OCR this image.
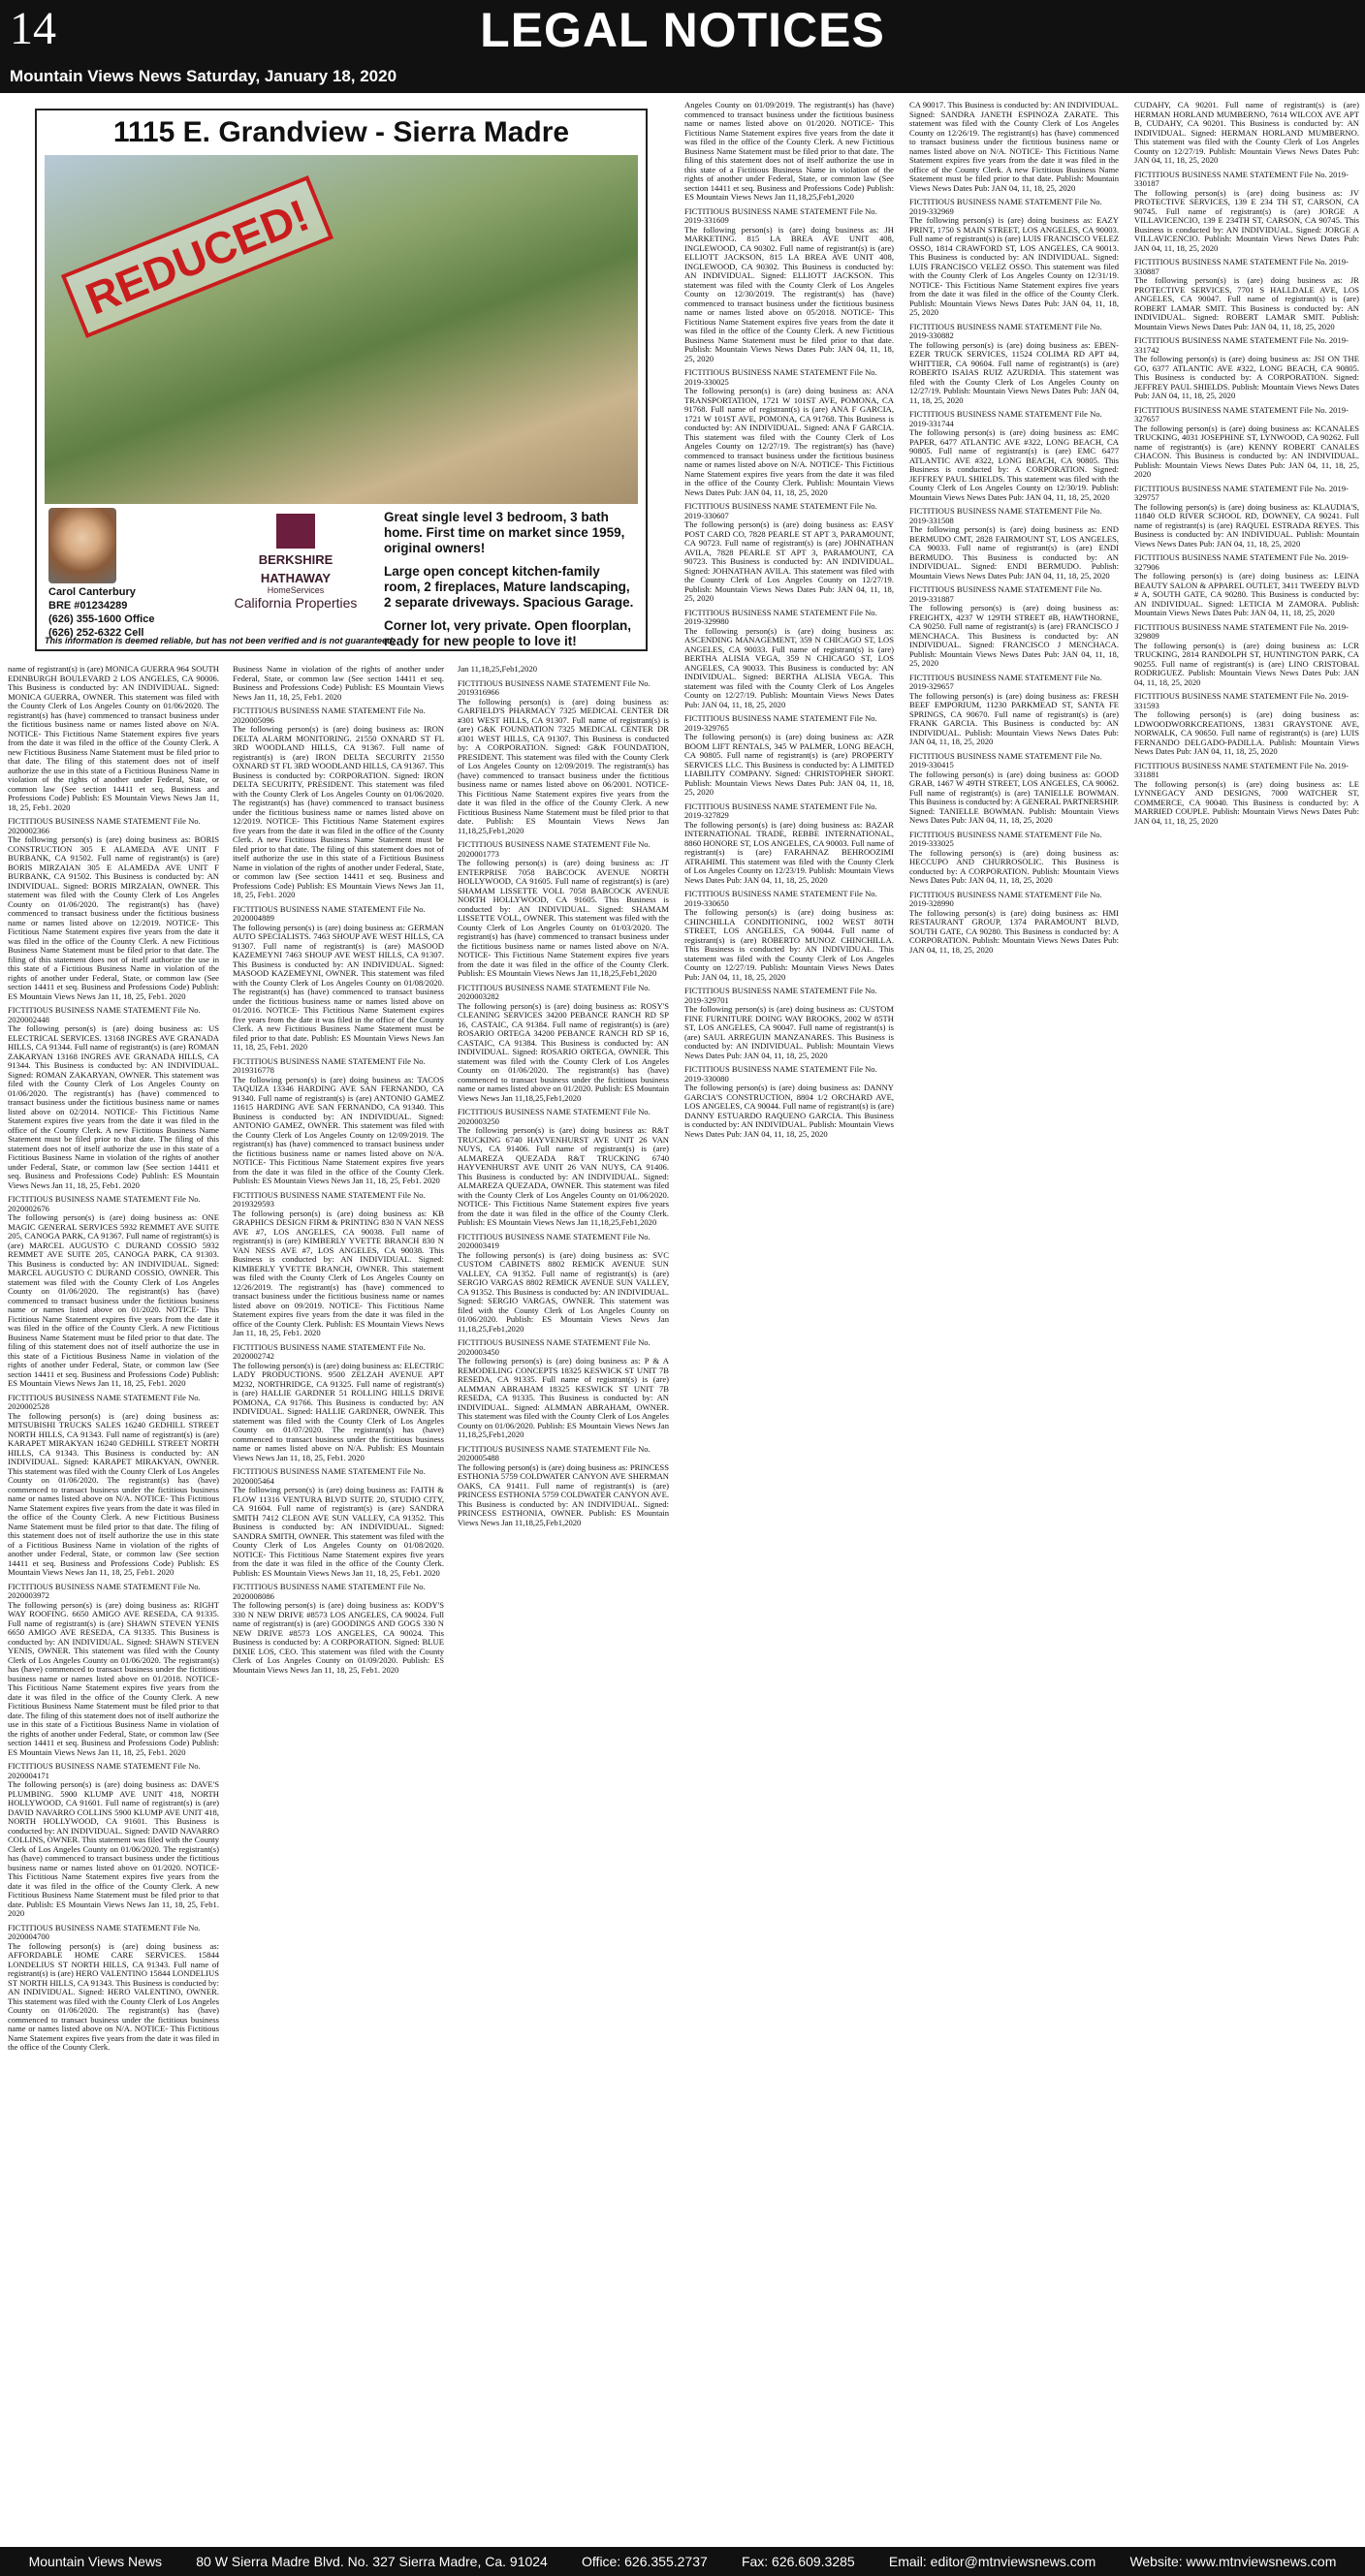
14	LEGAL NOTICES
Mountain Views News Saturday, January 18, 2020
1115 E. Grandview - Sierra Madre
REDUCED!
Carol Canterbury
BRE #01234289
(626) 355-1600 Office
(626) 252-6322 Cell
BERKSHIRE
HATHAWAY
HomeServices
California Properties

Great single level 3 bedroom, 3 bath home. First time on market since 1959, original owners!

Large open concept kitchen-family room, 2 fireplaces, Mature landscaping, 2 separate driveways. Spacious Garage.

Corner lot, very private. Open floorplan, ready for new people to love it!

This information is deemed reliable, but has not been verified and is not guaranteed.

name of registrant(s) is (are) MONICA GUERRA 964 SOUTH EDINBURGH BOULEVARD 2 LOS ANGELES, CA 90006. This Business is conducted by: AN INDIVIDUAL. Signed: MONICA GUERRA, OWNER. This statement was filed with the County Clerk of Los Angeles County on 01/06/2020. The registrant(s) has (have) commenced to transact business under the fictitious business name or names listed above on N/A. NOTICE- This Fictitious Name Statement expires five years from the date it was filed in the office of the County Clerk. A new Fictitious Business Name Statement must be filed prior to that date. The filing of this statement does not of itself authorize the use in this state of a Fictitious Business Name in violation of the rights of another under Federal, State, or common law (See section 14411 et seq. Business and Professions Code) Publish: ES Mountain Views News Jan 11, 18, 25, Feb1. 2020

FICTITIOUS BUSINESS NAME STATEMENT File No. 2020002366

The following person(s) is (are) doing business as: BORIS CONSTRUCTION 305 E ALAMEDA AVE UNIT F BURBANK, CA 91502. Full name of registrant(s) is (are) BORIS MIRZAIAN 305 E ALAMEDA AVE UNIT F BURBANK, CA 91502. This Business is conducted by: AN INDIVIDUAL. Signed: BORIS MIRZAIAN, OWNER. This statement was filed with the County Clerk of Los Angeles County on 01/06/2020. The registrant(s) has (have) commenced to transact business under the fictitious business name or names listed above on 12/2019. NOTICE- This Fictitious Name Statement expires five years from the date it was filed in the office of the County Clerk. A new Fictitious Business Name Statement must be filed prior to that date. The filing of this statement does not of itself authorize the use in this state of a Fictitious Business Name in violation of the rights of another under Federal, State, or common law (See section 14411 et seq. Business and Professions Code) Publish: ES Mountain Views News Jan 11, 18, 25, Feb1. 2020

FICTITIOUS BUSINESS NAME STATEMENT File No. 2020002448

The following person(s) is (are) doing business as: US ELECTRICAL SERVICES. 13168 INGRES AVE GRANADA HILLS, CA 91344. Full name of registrant(s) is (are) ROMAN ZAKARYAN 13168 INGRES AVE GRANADA HILLS, CA 91344. This Business is conducted by: AN INDIVIDUAL. Signed: ROMAN ZAKARYAN, OWNER. This statement was filed with the County Clerk of Los Angeles County on 01/06/2020. The registrant(s) has (have) commenced to transact business under the fictitious business name or names listed above on 02/2014. NOTICE- This Fictitious Name Statement expires five years from the date it was filed in the office of the County Clerk. A new Fictitious Business Name Statement must be filed prior to that date. The filing of this statement does not of itself authorize the use in this state of a Fictitious Business Name in violation of the rights of another under Federal, State, or common law (See section 14411 et seq. Business and Professions Code) Publish: ES Mountain Views News Jan 11, 18, 25, Feb1. 2020

FICTITIOUS BUSINESS NAME STATEMENT File No. 2020002676

The following person(s) is (are) doing business as: ONE MAGIC GENERAL SERVICES 5932 REMMET AVE SUITE 205, CANOGA PARK, CA 91367. Full name of registrant(s) is (are) MARCEL AUGUSTO C DURAND COSSIO 5932 REMMET AVE SUITE 205, CANOGA PARK, CA 91303. This Business is conducted by: AN INDIVIDUAL. Signed: MARCEL AUGUSTO C DURAND COSSIO, OWNER. This statement was filed with the County Clerk of Los Angeles County on 01/06/2020. The registrant(s) has (have) commenced to transact business under the fictitious business name or names listed above on 01/2020. NOTICE- This Fictitious Name Statement expires five years from the date it was filed in the office of the County Clerk. A new Fictitious Business Name Statement must be filed prior to that date. The filing of this statement does not of itself authorize the use in this state of a Fictitious Business Name in violation of the rights of another under Federal, State, or common law (See section 14411 et seq. Business and Professions Code) Publish: ES Mountain Views News Jan 11, 18, 25, Feb1. 2020

FICTITIOUS BUSINESS NAME STATEMENT File No. 2020002528

The following person(s) is (are) doing business as: MITSUBISHI TRUCKS SALES 16240 GEDHILL STREET NORTH HILLS, CA 91343. Full name of registrant(s) is (are) KARAPET MIRAKYAN 16240 GEDHILL STREET NORTH HILLS, CA 91343. This Business is conducted by: AN INDIVIDUAL. Signed: KARAPET MIRAKYAN, OWNER. This statement was filed with the County Clerk of Los Angeles County on 01/06/2020. The registrant(s) has (have) commenced to transact business under the fictitious business name or names listed above on N/A. NOTICE- This Fictitious Name Statement expires five years from the date it was filed in the office of the County Clerk. A new Fictitious Business Name Statement must be filed prior to that date. The filing of this statement does not of itself authorize the use in this state of a Fictitious Business Name in violation of the rights of another under Federal, State, or common law (See section 14411 et seq. Business and Professions Code) Publish: ES Mountain Views News Jan 11, 18, 25, Feb1. 2020

FICTITIOUS BUSINESS NAME STATEMENT File No. 2020003972

The following person(s) is (are) doing business as: RIGHT WAY ROOFING. 6650 AMIGO AVE RESEDA, CA 91335. Full name of registrant(s) is (are) SHAWN STEVEN YENIS 6650 AMIGO AVE RESEDA, CA 91335. This Business is conducted by: AN INDIVIDUAL. Signed: SHAWN STEVEN YENIS, OWNER. This statement was filed with the County Clerk of Los Angeles County on 01/06/2020. The registrant(s) has (have) commenced to transact business under the fictitious business name or names listed above on 01/2018. NOTICE- This Fictitious Name Statement expires five years from the date it was filed in the office of the County Clerk. A new Fictitious Business Name Statement must be filed prior to that date. The filing of this statement does not of itself authorize the use in this state of a Fictitious Business Name in violation of the rights of another under Federal, State, or common law (See section 14411 et seq. Business and Professions Code) Publish: ES Mountain Views News Jan 11, 18, 25, Feb1. 2020

FICTITIOUS BUSINESS NAME STATEMENT File No. 2020004171

The following person(s) is (are) doing business as: DAVE'S PLUMBING. 5900 KLUMP AVE UNIT 418, NORTH HOLLYWOOD, CA 91601. Full name of registrant(s) is (are) DAVID NAVARRO COLLINS 5900 KLUMP AVE UNIT 418, NORTH HOLLYWOOD, CA 91601. This Business is conducted by: AN INDIVIDUAL. Signed: DAVID NAVARRO COLLINS, OWNER. This statement was filed with the County Clerk of Los Angeles County on 01/06/2020. The registrant(s) has (have) commenced to transact business under the fictitious business name or names listed above on 01/2020. NOTICE- This Fictitious Name Statement expires five years from the date it was filed in the office of the County Clerk. A new Fictitious Business Name Statement must be filed prior to that date. Publish: ES Mountain Views News Jan 11, 18, 25, Feb1. 2020

FICTITIOUS BUSINESS NAME STATEMENT File No. 2020004700

The following person(s) is (are) doing business as: AFFORDABLE HOME CARE SERVICES. 15844 LONDELIUS ST NORTH HILLS, CA 91343. Full name of registrant(s) is (are) HERO VALENTINO 15844 LONDELIUS ST NORTH HILLS, CA 91343. This Business is conducted by: AN INDIVIDUAL. Signed: HERO VALENTINO, OWNER. This statement was filed with the County Clerk of Los Angeles County on 01/06/2020. The registrant(s) has (have) commenced to transact business under the fictitious business name or names listed above on N/A. NOTICE- This Fictitious Name Statement expires five years from the date it was filed in the office of the County Clerk.

Business Name in violation of the rights of another under Federal, State, or common law (See section 14411 et seq. Business and Professions Code) Publish: ES Mountain Views News Jan 11, 18, 25, Feb1. 2020

FICTITIOUS BUSINESS NAME STATEMENT File No. 2020005096

The following person(s) is (are) doing business as: IRON DELTA ALARM MONITORING. 21550 OXNARD ST FL 3RD WOODLAND HILLS, CA 91367. Full name of registrant(s) is (are) IRON DELTA SECURITY 21550 OXNARD ST FL 3RD WOODLAND HILLS, CA 91367. This Business is conducted by: CORPORATION. Signed: IRON DELTA SECURITY, PRESIDENT. This statement was filed with the County Clerk of Los Angeles County on 01/06/2020. The registrant(s) has (have) commenced to transact business under the fictitious business name or names listed above on 12/2019. NOTICE- This Fictitious Name Statement expires five years from the date it was filed in the office of the County Clerk. A new Fictitious Business Name Statement must be filed prior to that date. The filing of this statement does not of itself authorize the use in this state of a Fictitious Business Name in violation of the rights of another under Federal, State, or common law (See section 14411 et seq. Business and Professions Code) Publish: ES Mountain Views News Jan 11, 18, 25, Feb1. 2020

FICTITIOUS BUSINESS NAME STATEMENT File No. 2020004889

The following person(s) is (are) doing business as: GERMAN AUTO SPECIALISTS. 7463 SHOUP AVE WEST HILLS, CA 91307. Full name of registrant(s) is (are) MASOOD KAZEMEYNI 7463 SHOUP AVE WEST HILLS, CA 91307. This Business is conducted by: AN INDIVIDUAL. Signed: MASOOD KAZEMEYNI, OWNER. This statement was filed with the County Clerk of Los Angeles County on 01/08/2020. The registrant(s) has (have) commenced to transact business under the fictitious business name or names listed above on 01/2016. NOTICE- This Fictitious Name Statement expires five years from the date it was filed in the office of the County Clerk. A new Fictitious Business Name Statement must be filed prior to that date. Publish: ES Mountain Views News Jan 11, 18, 25, Feb1. 2020

FICTITIOUS BUSINESS NAME STATEMENT File No. 2019316778

The following person(s) is (are) doing business as: TACOS TAQUIZA 13346 HARDING AVE SAN FERNANDO, CA 91340. Full name of registrant(s) is (are) ANTONIO GAMEZ 11615 HARDING AVE SAN FERNANDO, CA 91340. This Business is conducted by: AN INDIVIDUAL. Signed: ANTONIO GAMEZ, OWNER. This statement was filed with the County Clerk of Los Angeles County on 12/09/2019. The registrant(s) has (have) commenced to transact business under the fictitious business name or names listed above on N/A. NOTICE- This Fictitious Name Statement expires five years from the date it was filed in the office of the County Clerk. Publish: ES Mountain Views News Jan 11, 18, 25, Feb1. 2020

FICTITIOUS BUSINESS NAME STATEMENT File No. 2019329593

The following person(s) is (are) doing business as: KB GRAPHICS DESIGN FIRM & PRINTING 830 N VAN NESS AVE #7, LOS ANGELES, CA 90038. Full name of registrant(s) is (are) KIMBERLY YVETTE BRANCH 830 N VAN NESS AVE #7, LOS ANGELES, CA 90038. This Business is conducted by: AN INDIVIDUAL. Signed: KIMBERLY YVETTE BRANCH, OWNER. This statement was filed with the County Clerk of Los Angeles County on 12/26/2019. The registrant(s) has (have) commenced to transact business under the fictitious business name or names listed above on 09/2019. NOTICE- This Fictitious Name Statement expires five years from the date it was filed in the office of the County Clerk. Publish: ES Mountain Views News Jan 11, 18, 25, Feb1. 2020

FICTITIOUS BUSINESS NAME STATEMENT File No. 2020002742

The following person(s) is (are) doing business as: ELECTRIC LADY PRODUCTIONS. 9500 ZELZAH AVENUE APT M232, NORTHRIDGE, CA 91325. Full name of registrant(s) is (are) HALLIE GARDNER 51 ROLLING HILLS DRIVE POMONA, CA 91766. This Business is conducted by: AN INDIVIDUAL. Signed: HALLIE GARDNER, OWNER. This statement was filed with the County Clerk of Los Angeles County on 01/07/2020. The registrant(s) has (have) commenced to transact business under the fictitious business name or names listed above on N/A. Publish: ES Mountain Views News Jan 11, 18, 25, Feb1. 2020

FICTITIOUS BUSINESS NAME STATEMENT File No. 2020005464

The following person(s) is (are) doing business as: FAITH & FLOW 11316 VENTURA BLVD SUITE 20, STUDIO CITY, CA 91604. Full name of registrant(s) is (are) SANDRA SMITH 7412 CLEON AVE SUN VALLEY, CA 91352. This Business is conducted by: AN INDIVIDUAL. Signed: SANDRA SMITH, OWNER. This statement was filed with the County Clerk of Los Angeles County on 01/08/2020. NOTICE- This Fictitious Name Statement expires five years from the date it was filed in the office of the County Clerk. Publish: ES Mountain Views News Jan 11, 18, 25, Feb1. 2020

FICTITIOUS BUSINESS NAME STATEMENT File No. 2020008086

The following person(s) is (are) doing business as: KODY'S 330 N NEW DRIVE #8573 LOS ANGELES, CA 90024. Full name of registrant(s) is (are) GOODINGS AND GOGS 330 N NEW DRIVE #8573 LOS ANGELES, CA 90024. This Business is conducted by: A CORPORATION. Signed: BLUE DIXIE LOS, CEO. This statement was filed with the County Clerk of Los Angeles County on 01/09/2020. Publish: ES Mountain Views News Jan 11, 18, 25, Feb1. 2020

Jan 11,18,25,Feb1,2020

FICTITIOUS BUSINESS NAME STATEMENT File No. 2019316966

The following person(s) is (are) doing business as: GARFIELD'S PHARMACY 7325 MEDICAL CENTER DR #301 WEST HILLS, CA 91307. Full name of registrant(s) is (are) G&K FOUNDATION 7325 MEDICAL CENTER DR #301 WEST HILLS, CA 91307. This Business is conducted by: A CORPORATION. Signed: G&K FOUNDATION, PRESIDENT. This statement was filed with the County Clerk of Los Angeles County on 12/09/2019. The registrant(s) has (have) commenced to transact business under the fictitious business name or names listed above on 06/2001. NOTICE- This Fictitious Name Statement expires five years from the date it was filed in the office of the County Clerk. A new Fictitious Business Name Statement must be filed prior to that date. Publish: ES Mountain Views News Jan 11,18,25,Feb1,2020

FICTITIOUS BUSINESS NAME STATEMENT File No. 2020001773

The following person(s) is (are) doing business as: JT ENTERPRISE 7058 BABCOCK AVENUE NORTH HOLLYWOOD, CA 91605. Full name of registrant(s) is (are) SHAMAM LISSETTE VOLL 7058 BABCOCK AVENUE NORTH HOLLYWOOD, CA 91605. This Business is conducted by: AN INDIVIDUAL. Signed: SHAMAM LISSETTE VOLL, OWNER. This statement was filed with the County Clerk of Los Angeles County on 01/03/2020. The registrant(s) has (have) commenced to transact business under the fictitious business name or names listed above on N/A. NOTICE- This Fictitious Name Statement expires five years from the date it was filed in the office of the County Clerk. Publish: ES Mountain Views News Jan 11,18,25,Feb1,2020

FICTITIOUS BUSINESS NAME STATEMENT File No. 2020003282

The following person(s) is (are) doing business as: ROSY'S CLEANING SERVICES 34200 PEBANCE RANCH RD SP 16, CASTAIC, CA 91384. Full name of registrant(s) is (are) ROSARIO ORTEGA 34200 PEBANCE RANCH RD SP 16, CASTAIC, CA 91384. This Business is conducted by: AN INDIVIDUAL. Signed: ROSARIO ORTEGA, OWNER. This statement was filed with the County Clerk of Los Angeles County on 01/06/2020. The registrant(s) has (have) commenced to transact business under the fictitious business name or names listed above on 01/2020. Publish: ES Mountain Views News Jan 11,18,25,Feb1,2020

FICTITIOUS BUSINESS NAME STATEMENT File No. 2020003250

The following person(s) is (are) doing business as: R&T TRUCKING 6740 HAYVENHURST AVE UNIT 26 VAN NUYS, CA 91406. Full name of registrant(s) is (are) ALMAREZA QUEZADA R&T TRUCKING 6740 HAYVENHURST AVE UNIT 26 VAN NUYS, CA 91406. This Business is conducted by: AN INDIVIDUAL. Signed: ALMAREZA QUEZADA, OWNER. This statement was filed with the County Clerk of Los Angeles County on 01/06/2020. NOTICE- This Fictitious Name Statement expires five years from the date it was filed in the office of the County Clerk. Publish: ES Mountain Views News Jan 11,18,25,Feb1,2020

FICTITIOUS BUSINESS NAME STATEMENT File No. 2020003419

The following person(s) is (are) doing business as: SVC CUSTOM CABINETS 8802 REMICK AVENUE SUN VALLEY, CA 91352. Full name of registrant(s) is (are) SERGIO VARGAS 8802 REMICK AVENUE SUN VALLEY, CA 91352. This Business is conducted by: AN INDIVIDUAL. Signed: SERGIO VARGAS, OWNER. This statement was filed with the County Clerk of Los Angeles County on 01/06/2020. Publish: ES Mountain Views News Jan 11,18,25,Feb1,2020

FICTITIOUS BUSINESS NAME STATEMENT File No. 2020003450

The following person(s) is (are) doing business as: P & A REMODELING CONCEPTS 18325 KESWICK ST UNIT 7B RESEDA, CA 91335. Full name of registrant(s) is (are) ALMMAN ABRAHAM 18325 KESWICK ST UNIT 7B RESEDA, CA 91335. This Business is conducted by: AN INDIVIDUAL. Signed: ALMMAN ABRAHAM, OWNER. This statement was filed with the County Clerk of Los Angeles County on 01/06/2020. Publish: ES Mountain Views News Jan 11,18,25,Feb1,2020

FICTITIOUS BUSINESS NAME STATEMENT File No. 2020005488

The following person(s) is (are) doing business as: PRINCESS ESTHONIA 5759 COLDWATER CANYON AVE SHERMAN OAKS, CA 91411. Full name of registrant(s) is (are) PRINCESS ESTHONIA 5759 COLDWATER CANYON AVE. This Business is conducted by: AN INDIVIDUAL. Signed: PRINCESS ESTHONIA, OWNER. Publish: ES Mountain Views News Jan 11,18,25,Feb1,2020

Angeles County on 01/09/2019. The registrant(s) has (have) commenced to transact business under the fictitious business name or names listed above on 01/2020. NOTICE- This Fictitious Name Statement expires five years from the date it was filed in the office of the County Clerk. A new Fictitious Business Name Statement must be filed prior to that date. The filing of this statement does not of itself authorize the use in this state of a Fictitious Business Name in violation of the rights of another under Federal, State, or common law (See section 14411 et seq. Business and Professions Code) Publish: ES Mountain Views News Jan 11,18,25,Feb1,2020

FICTITIOUS BUSINESS NAME STATEMENT File No. 2019-331609

The following person(s) is (are) doing business as: JH MARKETING. 815 LA BREA AVE UNIT 408, INGLEWOOD, CA 90302. Full name of registrant(s) is (are) ELLIOTT JACKSON, 815 LA BREA AVE UNIT 408, INGLEWOOD, CA 90302. This Business is conducted by: AN INDIVIDUAL. Signed: ELLIOTT JACKSON. This statement was filed with the County Clerk of Los Angeles County on 12/30/2019. The registrant(s) has (have) commenced to transact business under the fictitious business name or names listed above on 05/2018. NOTICE- This Fictitious Name Statement expires five years from the date it was filed in the office of the County Clerk. A new Fictitious Business Name Statement must be filed prior to that date. Publish: Mountain Views News Dates Pub: JAN 04, 11, 18, 25, 2020

FICTITIOUS BUSINESS NAME STATEMENT File No. 2019-330025

The following person(s) is (are) doing business as: ANA TRANSPORTATION, 1721 W 101ST AVE, POMONA, CA 91768. Full name of registrant(s) is (are) ANA F GARCIA, 1721 W 101ST AVE, POMONA, CA 91768. This Business is conducted by: AN INDIVIDUAL. Signed: ANA F GARCIA. This statement was filed with the County Clerk of Los Angeles County on 12/27/19. The registrant(s) has (have) commenced to transact business under the fictitious business name or names listed above on N/A. NOTICE- This Fictitious Name Statement expires five years from the date it was filed in the office of the County Clerk. Publish: Mountain Views News Dates Pub: JAN 04, 11, 18, 25, 2020

FICTITIOUS BUSINESS NAME STATEMENT File No. 2019-330607

The following person(s) is (are) doing business as: EASY POST CARD CO, 7828 PEARLE ST APT 3, PARAMOUNT, CA 90723. Full name of registrant(s) is (are) JOHNATHAN AVILA, 7828 PEARLE ST APT 3, PARAMOUNT, CA 90723. This Business is conducted by: AN INDIVIDUAL. Signed: JOHNATHAN AVILA. This statement was filed with the County Clerk of Los Angeles County on 12/27/19. Publish: Mountain Views News Dates Pub: JAN 04, 11, 18, 25, 2020

FICTITIOUS BUSINESS NAME STATEMENT File No. 2019-329980

The following person(s) is (are) doing business as: ASCENDING MANAGEMENT, 359 N CHICAGO ST, LOS ANGELES, CA 90033. Full name of registrant(s) is (are) BERTHA ALISIA VEGA, 359 N CHICAGO ST, LOS ANGELES, CA 90033. This Business is conducted by: AN INDIVIDUAL. Signed: BERTHA ALISIA VEGA. This statement was filed with the County Clerk of Los Angeles County on 12/27/19. Publish: Mountain Views News Dates Pub: JAN 04, 11, 18, 25, 2020

FICTITIOUS BUSINESS NAME STATEMENT File No. 2019-329765

The following person(s) is (are) doing business as: AZR BOOM LIFT RENTALS, 345 W PALMER, LONG BEACH, CA 90805. Full name of registrant(s) is (are) PROPERTY SERVICES LLC. This Business is conducted by: A LIMITED LIABILITY COMPANY. Signed: CHRISTOPHER SHORT. Publish: Mountain Views News Dates Pub: JAN 04, 11, 18, 25, 2020

FICTITIOUS BUSINESS NAME STATEMENT File No. 2019-327829

The following person(s) is (are) doing business as: BAZAR INTERNATIONAL TRADE, REBBE INTERNATIONAL, 8860 HONORE ST, LOS ANGELES, CA 90003. Full name of registrant(s) is (are) FARAHNAZ BEHROOZIMI ATRAHIMI. This statement was filed with the County Clerk of Los Angeles County on 12/23/19. Publish: Mountain Views News Dates Pub: JAN 04, 11, 18, 25, 2020

FICTITIOUS BUSINESS NAME STATEMENT File No. 2019-330650

The following person(s) is (are) doing business as: CHINCHILLA CONDITIONING, 1002 WEST 80TH STREET, LOS ANGELES, CA 90044. Full name of registrant(s) is (are) ROBERTO MUNOZ CHINCHILLA. This Business is conducted by: AN INDIVIDUAL. This statement was filed with the County Clerk of Los Angeles County on 12/27/19. Publish: Mountain Views News Dates Pub: JAN 04, 11, 18, 25, 2020

FICTITIOUS BUSINESS NAME STATEMENT File No. 2019-329701

The following person(s) is (are) doing business as: CUSTOM FINE FURNITURE DOING WAY BROOKS, 2002 W 85TH ST, LOS ANGELES, CA 90047. Full name of registrant(s) is (are) SAUL ARREGUIN MANZANARES. This Business is conducted by: AN INDIVIDUAL. Publish: Mountain Views News Dates Pub: JAN 04, 11, 18, 25, 2020

FICTITIOUS BUSINESS NAME STATEMENT File No. 2019-330080

The following person(s) is (are) doing business as: DANNY GARCIA'S CONSTRUCTION, 8804 1/2 ORCHARD AVE, LOS ANGELES, CA 90044. Full name of registrant(s) is (are) DANNY ESTUARDO RAQUENO GARCIA. This Business is conducted by: AN INDIVIDUAL. Publish: Mountain Views News Dates Pub: JAN 04, 11, 18, 25, 2020

CA 90017. This Business is conducted by: AN INDIVIDUAL. Signed: SANDRA JANETH ESPINOZA ZARATE. This statement was filed with the County Clerk of Los Angeles County on 12/26/19. The registrant(s) has (have) commenced to transact business under the fictitious business name or names listed above on N/A. NOTICE- This Fictitious Name Statement expires five years from the date it was filed in the office of the County Clerk. A new Fictitious Business Name Statement must be filed prior to that date. Publish: Mountain Views News Dates Pub: JAN 04, 11, 18, 25, 2020

FICTITIOUS BUSINESS NAME STATEMENT File No. 2019-332969

The following person(s) is (are) doing business as: EAZY PRINT, 1750 S MAIN STREET, LOS ANGELES, CA 90003. Full name of registrant(s) is (are) LUIS FRANCISCO VELEZ OSSO, 1814 CRAWFORD ST, LOS ANGELES, CA 90013. This Business is conducted by: AN INDIVIDUAL. Signed: LUIS FRANCISCO VELEZ OSSO. This statement was filed with the County Clerk of Los Angeles County on 12/31/19. NOTICE- This Fictitious Name Statement expires five years from the date it was filed in the office of the County Clerk. Publish: Mountain Views News Dates Pub: JAN 04, 11, 18, 25, 2020

FICTITIOUS BUSINESS NAME STATEMENT File No. 2019-330882

The following person(s) is (are) doing business as: EBEN-EZER TRUCK SERVICES, 11524 COLIMA RD APT #4, WHITTIER, CA 90604. Full name of registrant(s) is (are) ROBERTO ISAIAS RUIZ AZURDIA. This statement was filed with the County Clerk of Los Angeles County on 12/27/19. Publish: Mountain Views News Dates Pub: JAN 04, 11, 18, 25, 2020

FICTITIOUS BUSINESS NAME STATEMENT File No. 2019-331744

The following person(s) is (are) doing business as: EMC PAPER, 6477 ATLANTIC AVE #322, LONG BEACH, CA 90805. Full name of registrant(s) is (are) EMC 6477 ATLANTIC AVE #322, LONG BEACH, CA 90805. This Business is conducted by: A CORPORATION. Signed: JEFFREY PAUL SHIELDS. This statement was filed with the County Clerk of Los Angeles County on 12/30/19. Publish: Mountain Views News Dates Pub: JAN 04, 11, 18, 25, 2020

FICTITIOUS BUSINESS NAME STATEMENT File No. 2019-331508

The following person(s) is (are) doing business as: END BERMUDO CMT, 2828 FAIRMOUNT ST, LOS ANGELES, CA 90033. Full name of registrant(s) is (are) ENDI BERMUDO. This Business is conducted by: AN INDIVIDUAL. Signed: ENDI BERMUDO. Publish: Mountain Views News Dates Pub: JAN 04, 11, 18, 25, 2020

FICTITIOUS BUSINESS NAME STATEMENT File No. 2019-331887

The following person(s) is (are) doing business as: FREIGHTX, 4237 W 129TH STREET #B, HAWTHORNE, CA 90250. Full name of registrant(s) is (are) FRANCISCO J MENCHACA. This Business is conducted by: AN INDIVIDUAL. Signed: FRANCISCO J MENCHACA. Publish: Mountain Views News Dates Pub: JAN 04, 11, 18, 25, 2020

FICTITIOUS BUSINESS NAME STATEMENT File No. 2019-329657

The following person(s) is (are) doing business as: FRESH BEEF EMPORIUM, 11230 PARKMEAD ST, SANTA FE SPRINGS, CA 90670. Full name of registrant(s) is (are) FRANK GARCIA. This Business is conducted by: AN INDIVIDUAL. Publish: Mountain Views News Dates Pub: JAN 04, 11, 18, 25, 2020

FICTITIOUS BUSINESS NAME STATEMENT File No. 2019-330415

The following person(s) is (are) doing business as: GOOD GRAB, 1467 W 49TH STREET, LOS ANGELES, CA 90062. Full name of registrant(s) is (are) TANIELLE BOWMAN. This Business is conducted by: A GENERAL PARTNERSHIP. Signed: TANIELLE BOWMAN. Publish: Mountain Views News Dates Pub: JAN 04, 11, 18, 25, 2020

FICTITIOUS BUSINESS NAME STATEMENT File No. 2019-333025

The following person(s) is (are) doing business as: HECCUPO AND CHURROSOLIC. This Business is conducted by: A CORPORATION. Publish: Mountain Views News Dates Pub: JAN 04, 11, 18, 25, 2020

FICTITIOUS BUSINESS NAME STATEMENT File No. 2019-328990

The following person(s) is (are) doing business as: HMI RESTAURANT GROUP, 1374 PARAMOUNT BLVD, SOUTH GATE, CA 90280. This Business is conducted by: A CORPORATION. Publish: Mountain Views News Dates Pub: JAN 04, 11, 18, 25, 2020

CUDAHY, CA 90201. Full name of registrant(s) is (are) HERMAN HORLAND MUMBERNO, 7614 WILCOX AVE APT B, CUDAHY, CA 90201. This Business is conducted by: AN INDIVIDUAL. Signed: HERMAN HORLAND MUMBERNO. This statement was filed with the County Clerk of Los Angeles County on 12/27/19. Publish: Mountain Views News Dates Pub: JAN 04, 11, 18, 25, 2020

FICTITIOUS BUSINESS NAME STATEMENT File No. 2019-330187

The following person(s) is (are) doing business as: JV PROTECTIVE SERVICES, 139 E 234 TH ST, CARSON, CA 90745. Full name of registrant(s) is (are) JORGE A VILLAVICENCIO, 139 E 234TH ST, CARSON, CA 90745. This Business is conducted by: AN INDIVIDUAL. Signed: JORGE A VILLAVICENCIO. Publish: Mountain Views News Dates Pub: JAN 04, 11, 18, 25, 2020

FICTITIOUS BUSINESS NAME STATEMENT File No. 2019-330887

The following person(s) is (are) doing business as: JR PROTECTIVE SERVICES, 7701 S HALLDALE AVE, LOS ANGELES, CA 90047. Full name of registrant(s) is (are) ROBERT LAMAR SMIT. This Business is conducted by: AN INDIVIDUAL. Signed: ROBERT LAMAR SMIT. Publish: Mountain Views News Dates Pub: JAN 04, 11, 18, 25, 2020

FICTITIOUS BUSINESS NAME STATEMENT File No. 2019-331742

The following person(s) is (are) doing business as: JSI ON THE GO, 6377 ATLANTIC AVE #322, LONG BEACH, CA 90805. This Business is conducted by: A CORPORATION. Signed: JEFFREY PAUL SHIELDS. Publish: Mountain Views News Dates Pub: JAN 04, 11, 18, 25, 2020

FICTITIOUS BUSINESS NAME STATEMENT File No. 2019-327657

The following person(s) is (are) doing business as: KCANALES TRUCKING, 4031 JOSEPHINE ST, LYNWOOD, CA 90262. Full name of registrant(s) is (are) KENNY ROBERT CANALES CHACON. This Business is conducted by: AN INDIVIDUAL. Publish: Mountain Views News Dates Pub: JAN 04, 11, 18, 25, 2020

FICTITIOUS BUSINESS NAME STATEMENT File No. 2019-329757

The following person(s) is (are) doing business as: KLAUDIA'S, 11840 OLD RIVER SCHOOL RD, DOWNEY, CA 90241. Full name of registrant(s) is (are) RAQUEL ESTRADA REYES. This Business is conducted by: AN INDIVIDUAL. Publish: Mountain Views News Dates Pub: JAN 04, 11, 18, 25, 2020

FICTITIOUS BUSINESS NAME STATEMENT File No. 2019-327906

The following person(s) is (are) doing business as: LEINA BEAUTY SALON & APPAREL OUTLET, 3411 TWEEDY BLVD # A, SOUTH GATE, CA 90280. This Business is conducted by: AN INDIVIDUAL. Signed: LETICIA M ZAMORA. Publish: Mountain Views News Dates Pub: JAN 04, 11, 18, 25, 2020

FICTITIOUS BUSINESS NAME STATEMENT File No. 2019-329809

The following person(s) is (are) doing business as: LCR TRUCKING, 2814 RANDOLPH ST, HUNTINGTON PARK, CA 90255. Full name of registrant(s) is (are) LINO CRISTOBAL RODRIGUEZ. Publish: Mountain Views News Dates Pub: JAN 04, 11, 18, 25, 2020

FICTITIOUS BUSINESS NAME STATEMENT File No. 2019-331593

The following person(s) is (are) doing business as: LDWOODWORKCREATIONS, 13831 GRAYSTONE AVE, NORWALK, CA 90650. Full name of registrant(s) is (are) LUIS FERNANDO DELGADO-PADILLA. Publish: Mountain Views News Dates Pub: JAN 04, 11, 18, 25, 2020

FICTITIOUS BUSINESS NAME STATEMENT File No. 2019-331881

The following person(s) is (are) doing business as: LE LYNNEGACY AND DESIGNS, 7000 WATCHER ST, COMMERCE, CA 90040. This Business is conducted by: A MARRIED COUPLE. Publish: Mountain Views News Dates Pub: JAN 04, 11, 18, 25, 2020

Mountain Views News	80 W Sierra Madre Blvd. No. 327 Sierra Madre, Ca. 91024	Office: 626.355.2737	Fax: 626.609.3285	Email: editor@mtnviewsnews.com	Website: www.mtnviewsnews.com
